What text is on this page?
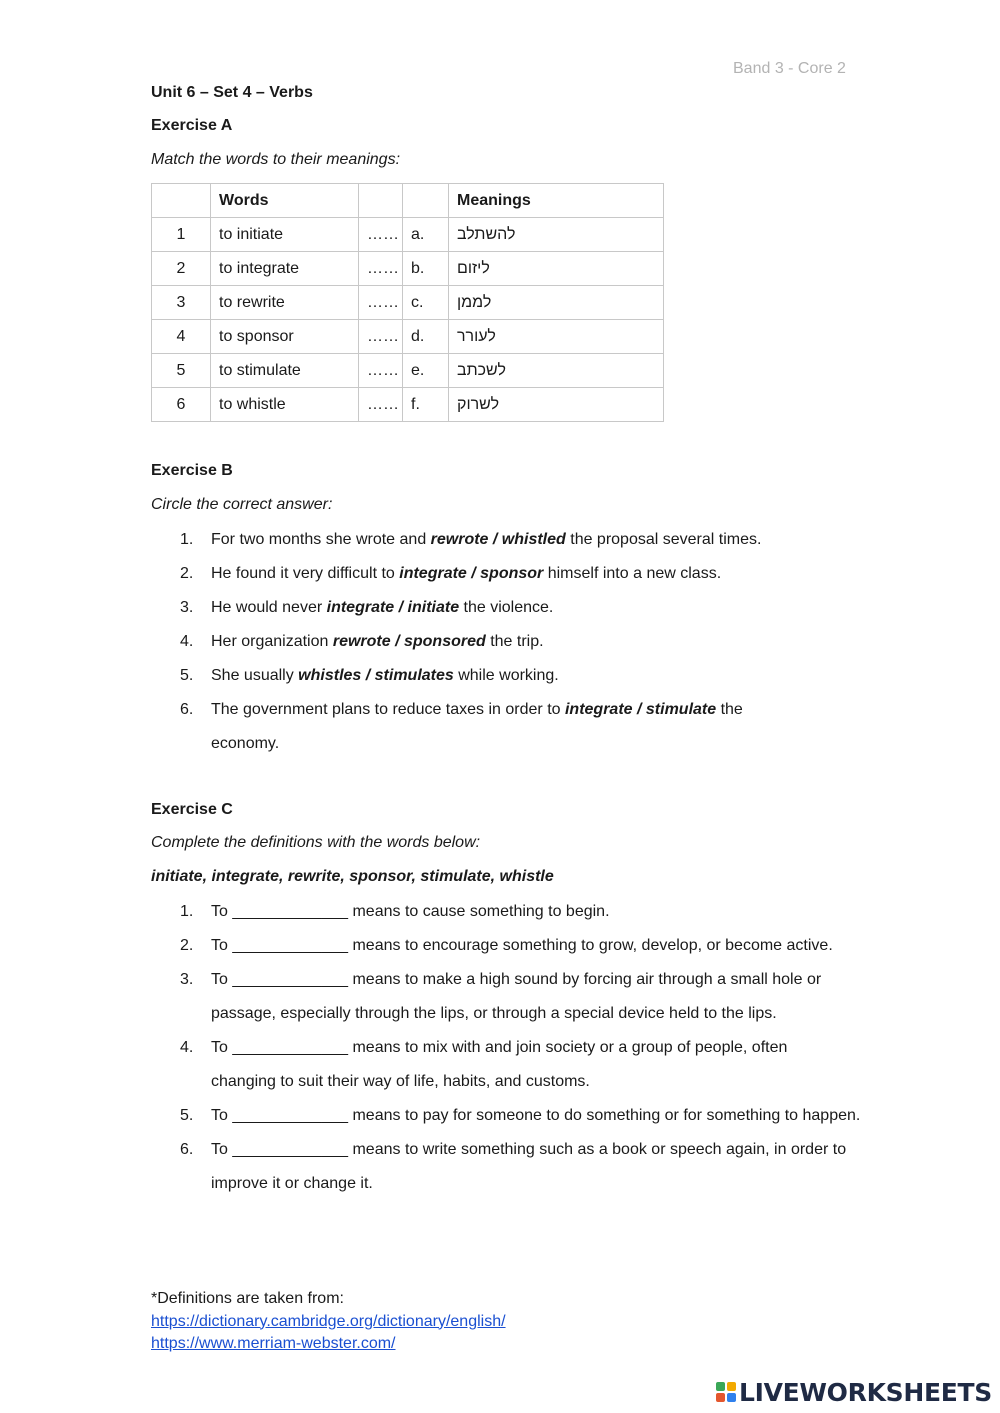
Band 3 - Core 2
Unit 6 – Set 4 – Verbs
Exercise A
Match the words to their meanings:
	Words			Meanings
1	to initiate	……	a.	להשתלב
2	to integrate	……	b.	ליזום
3	to rewrite	……	c.	לממן
4	to sponsor	……	d.	לעורר
5	to stimulate	……	e.	לשכתב
6	to whistle	……	f.	לשרוק
Exercise B
Circle the correct answer:
1. For two months she wrote and rewrote / whistled the proposal several times.
2. He found it very difficult to integrate / sponsor himself into a new class.
3. He would never integrate / initiate the violence.
4. Her organization rewrote / sponsored the trip.
5. She usually whistles / stimulates while working.
6. The government plans to reduce taxes in order to integrate / stimulate the economy.
Exercise C
Complete the definitions with the words below:
initiate, integrate, rewrite, sponsor, stimulate, whistle
1. To _____________ means to cause something to begin.
2. To _____________ means to encourage something to grow, develop, or become active.
3. To _____________ means to make a high sound by forcing air through a small hole or passage, especially through the lips, or through a special device held to the lips.
4. To _____________ means to mix with and join society or a group of people, often changing to suit their way of life, habits, and customs.
5. To _____________ means to pay for someone to do something or for something to happen.
6. To _____________ means to write something such as a book or speech again, in order to improve it or change it.
*Definitions are taken from:
https://dictionary.cambridge.org/dictionary/english/
https://www.merriam-webster.com/
LIVEWORKSHEETS
